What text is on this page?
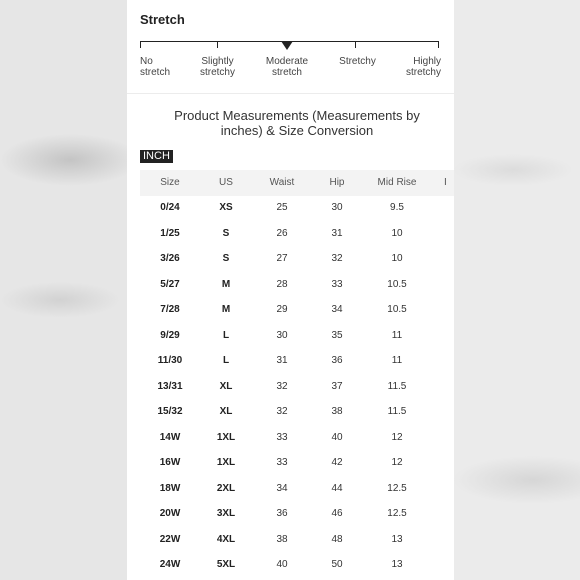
Stretch
No
stretch
Slightly
stretchy
Moderate
stretch
Stretchy	Highly
stretchy
Product Measurements (Measurements by inches) & Size Conversion
INCH
Size	US	Waist	Hip	Mid Rise	I
0/24	XS	25	30	9.5
1/25	S	26	31	10
3/26	S	27	32	10
5/27	M	28	33	10.5
7/28	M	29	34	10.5
9/29	L	30	35	11
11/30	L	31	36	11
13/31	XL	32	37	11.5
15/32	XL	32	38	11.5
14W	1XL	33	40	12
16W	1XL	33	42	12
18W	2XL	34	44	12.5
20W	3XL	36	46	12.5
22W	4XL	38	48	13
24W	5XL	40	50	13
